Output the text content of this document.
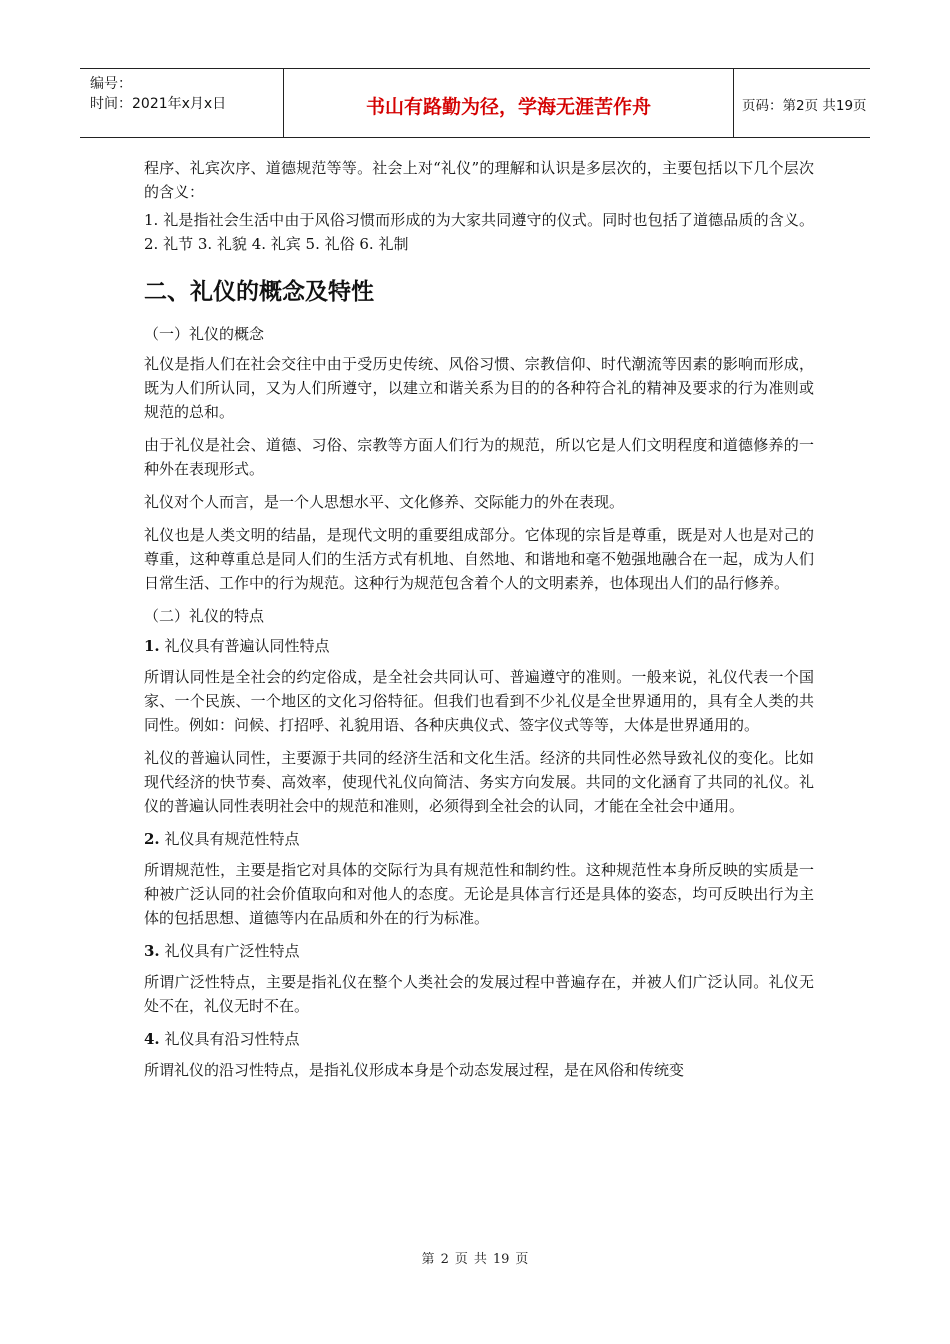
编号：
时间：2021年x月x日	书山有路勤为径，学海无涯苦作舟	页码：第2页 共19页

程序、礼宾次序、道德规范等等。社会上对“礼仪”的理解和认识是多层次的，主要包括以下几个层次的含义：

1. 礼是指社会生活中由于风俗习惯而形成的为大家共同遵守的仪式。同时也包括了道德品质的含义。2. 礼节 3. 礼貌 4. 礼宾 5. 礼俗 6. 礼制

二、礼仪的概念及特性
（一）礼仪的概念

礼仪是指人们在社会交往中由于受历史传统、风俗习惯、宗教信仰、时代潮流等因素的影响而形成，既为人们所认同，又为人们所遵守，以建立和谐关系为目的的各种符合礼的精神及要求的行为准则或规范的总和。

由于礼仪是社会、道德、习俗、宗教等方面人们行为的规范，所以它是人们文明程度和道德修养的一种外在表现形式。

礼仪对个人而言，是一个人思想水平、文化修养、交际能力的外在表现。

礼仪也是人类文明的结晶，是现代文明的重要组成部分。它体现的宗旨是尊重，既是对人也是对己的尊重，这种尊重总是同人们的生活方式有机地、自然地、和谐地和毫不勉强地融合在一起，成为人们日常生活、工作中的行为规范。这种行为规范包含着个人的文明素养，也体现出人们的品行修养。

（二）礼仪的特点
1. 礼仪具有普遍认同性特点

所谓认同性是全社会的约定俗成，是全社会共同认可、普遍遵守的准则。一般来说，礼仪代表一个国家、一个民族、一个地区的文化习俗特征。但我们也看到不少礼仪是全世界通用的，具有全人类的共同性。例如：问候、打招呼、礼貌用语、各种庆典仪式、签字仪式等等，大体是世界通用的。

礼仪的普遍认同性，主要源于共同的经济生活和文化生活。经济的共同性必然导致礼仪的变化。比如现代经济的快节奏、高效率，使现代礼仪向简洁、务实方向发展。共同的文化涵育了共同的礼仪。礼仪的普遍认同性表明社会中的规范和准则，必须得到全社会的认同，才能在全社会中通用。

2. 礼仪具有规范性特点

所谓规范性，主要是指它对具体的交际行为具有规范性和制约性。这种规范性本身所反映的实质是一种被广泛认同的社会价值取向和对他人的态度。无论是具体言行还是具体的姿态，均可反映出行为主体的包括思想、道德等内在品质和外在的行为标准。

3. 礼仪具有广泛性特点

所谓广泛性特点，主要是指礼仪在整个人类社会的发展过程中普遍存在，并被人们广泛认同。礼仪无处不在，礼仪无时不在。

4. 礼仪具有沿习性特点

所谓礼仪的沿习性特点，是指礼仪形成本身是个动态发展过程，是在风俗和传统变

第 2 页 共 19 页
